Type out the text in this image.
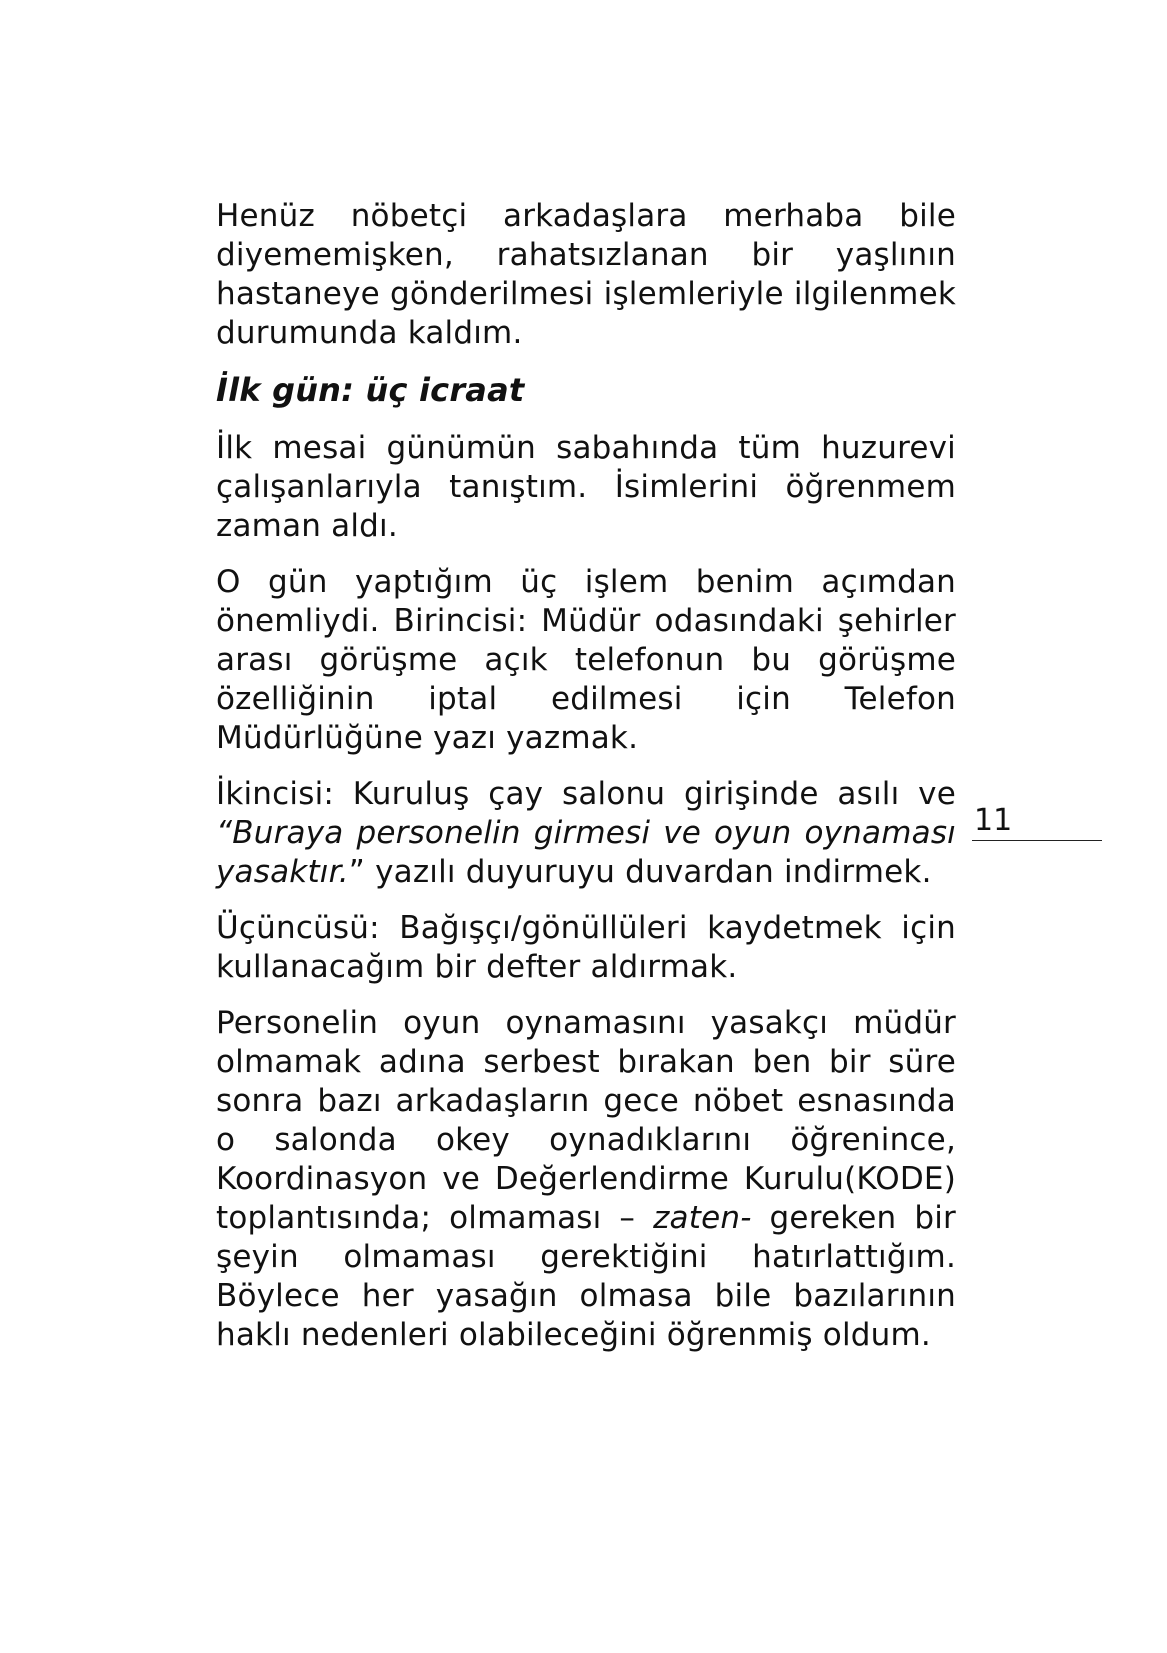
Henüz nöbetçi arkadaşlara merhaba bile diyememişken, rahatsızlanan bir yaşlının hastaneye gönderilmesi işlemleriyle ilgilenmek durumunda kaldım.

İlk gün: üç icraat

İlk mesai günümün sabahında tüm huzurevi çalışanlarıyla tanıştım. İsimlerini öğrenmem zaman aldı.

O gün yaptığım üç işlem benim açımdan önemliydi. Birincisi: Müdür odasındaki şehirler arası görüşme açık telefonun bu görüşme özelliğinin iptal edilmesi için Telefon Müdürlüğüne yazı yazmak.

İkincisi: Kuruluş çay salonu girişinde asılı ve “Buraya personelin girmesi ve oyun oynaması yasaktır.” yazılı duyuruyu duvardan indirmek.

Üçüncüsü: Bağışçı/gönüllüleri kaydetmek için kullanacağım bir defter aldırmak.

Personelin oyun oynamasını yasakçı müdür olmamak adına serbest bırakan ben bir süre sonra bazı arkadaşların gece nöbet esnasında o salonda okey oynadıklarını öğrenince, Koordinasyon ve Değerlendirme Kurulu(KODE) toplantısında; olmaması – zaten- gereken bir şeyin olmaması gerektiğini hatırlattığım. Böylece her yasağın olmasa bile bazılarının haklı nedenleri olabileceğini öğrenmiş oldum.

11
